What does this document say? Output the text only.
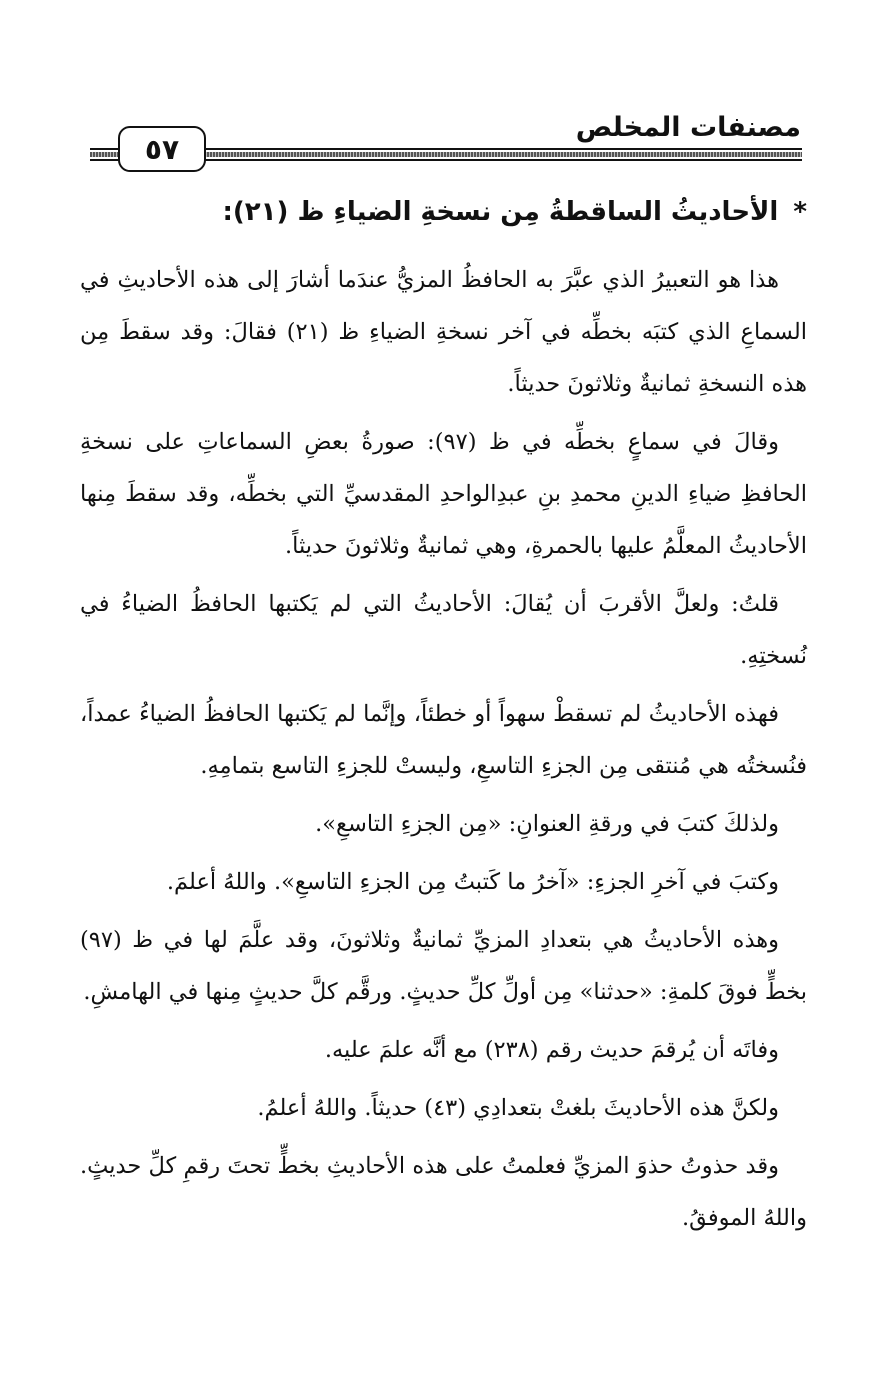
مصنفات المخلص
٥٧
* الأحاديثُ الساقطةُ مِن نسخةِ الضياءِ ظ (٢١):

هذا هو التعبيرُ الذي عبَّرَ به الحافظُ المزيُّ عندَما أشارَ إلى هذه الأحاديثِ في السماعِ الذي كتبَه بخطِّه في آخر نسخةِ الضياءِ ظ (٢١) فقالَ: وقد سقطَ مِن هذه النسخةِ ثمانيةٌ وثلاثونَ حديثاً.

وقالَ في سماعٍ بخطِّه في ظ (٩٧): صورةُ بعضِ السماعاتِ على نسخةِ الحافظِ ضياءِ الدينِ محمدِ بنِ عبدِالواحدِ المقدسيِّ التي بخطِّه، وقد سقطَ مِنها الأحاديثُ المعلَّمُ عليها بالحمرةِ، وهي ثمانيةٌ وثلاثونَ حديثاً.

قلتُ: ولعلَّ الأقربَ أن يُقالَ: الأحاديثُ التي لم يَكتبها الحافظُ الضياءُ في نُسختِهِ.

فهذه الأحاديثُ لم تسقطْ سهواً أو خطئاً، وإنَّما لم يَكتبها الحافظُ الضياءُ عمداً، فنُسختُه هي مُنتقى مِن الجزءِ التاسعِ، وليستْ للجزءِ التاسع بتمامِهِ.

ولذلكَ كتبَ في ورقةِ العنوانِ: «مِن الجزءِ التاسعِ».

وكتبَ في آخرِ الجزءِ: «آخرُ ما كَتبتُ مِن الجزءِ التاسعِ». واللهُ أعلمَ.

وهذه الأحاديثُ هي بتعدادِ المزيِّ ثمانيةٌ وثلاثونَ، وقد علَّمَ لها في ظ (٩٧) بخطٍّ فوقَ كلمةِ: «حدثنا» مِن أولِّ كلِّ حديثٍ. ورقَّم كلَّ حديثٍ مِنها في الهامشِ.

وفاتَه أن يُرقمَ حديث رقم (٢٣٨) مع أنَّه علمَ عليه.

ولكنَّ هذه الأحاديثَ بلغتْ بتعدادِي (٤٣) حديثاً. واللهُ أعلمُ.

وقد حذوتُ حذوَ المزيِّ فعلمتُ على هذه الأحاديثِ بخطٍّ تحتَ رقمِ كلِّ حديثٍ. واللهُ الموفقُ.
